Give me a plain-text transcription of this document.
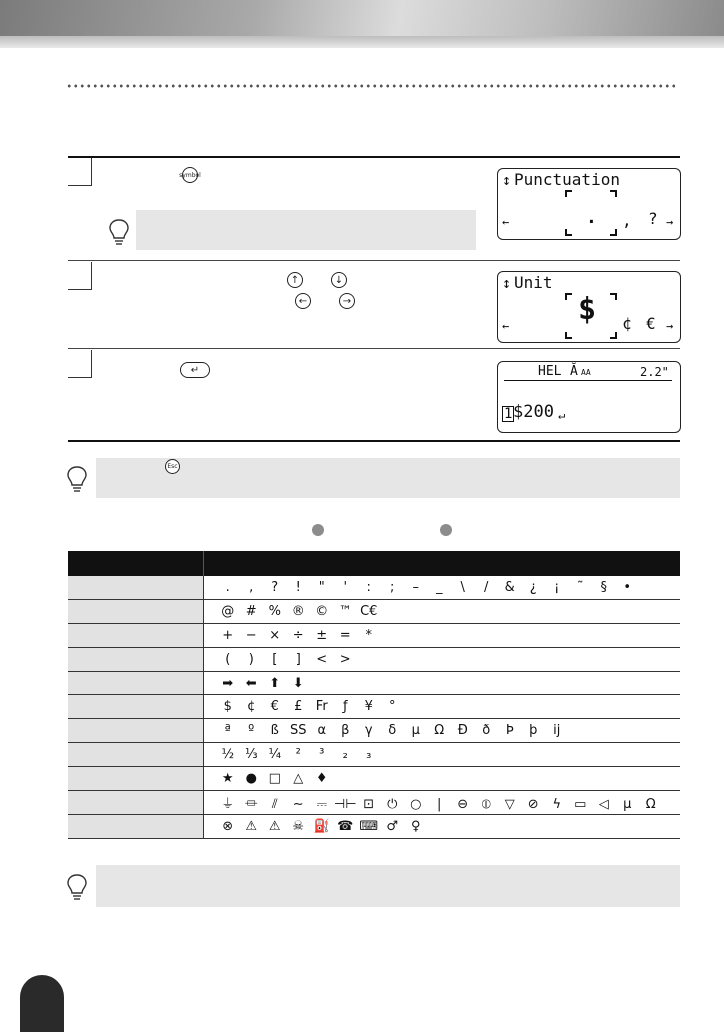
symbol	↕ Punctuation
←	. , ? →
↑	↓
←	→
↕ Unit
← $ ¢ € →
↵	HEL Ă AA	2.2"
1 $200 ↵
Esc

	. , ? ! " ' : ; – _ \ / & ¿ ¡ ˜ § •
	@ # % ® © ™ C€
	+ − × ÷ ± = *
	( ) [ ] < >
	➡ ⬅ ⬆ ⬇
	$ ¢ € £ Fr ƒ ¥ °
	ª º ß SS α β γ δ µ Ω Đ ð Þ þ ĳ
	½ ⅓ ¼ ² ³ ₂ ₃
	★ ● □ △ ♦
	⏚ ⏛ ⫽ ∼ ⎓ ⊣⊢ ⊡ ⏻ ○ | ⊖ ⦶ ▽ ⊘ ϟ ▭ ◁ µ Ω
	⊗ ⚠ ⚠ ☠ ⛽ ☎ ⌨ ♂ ♀
